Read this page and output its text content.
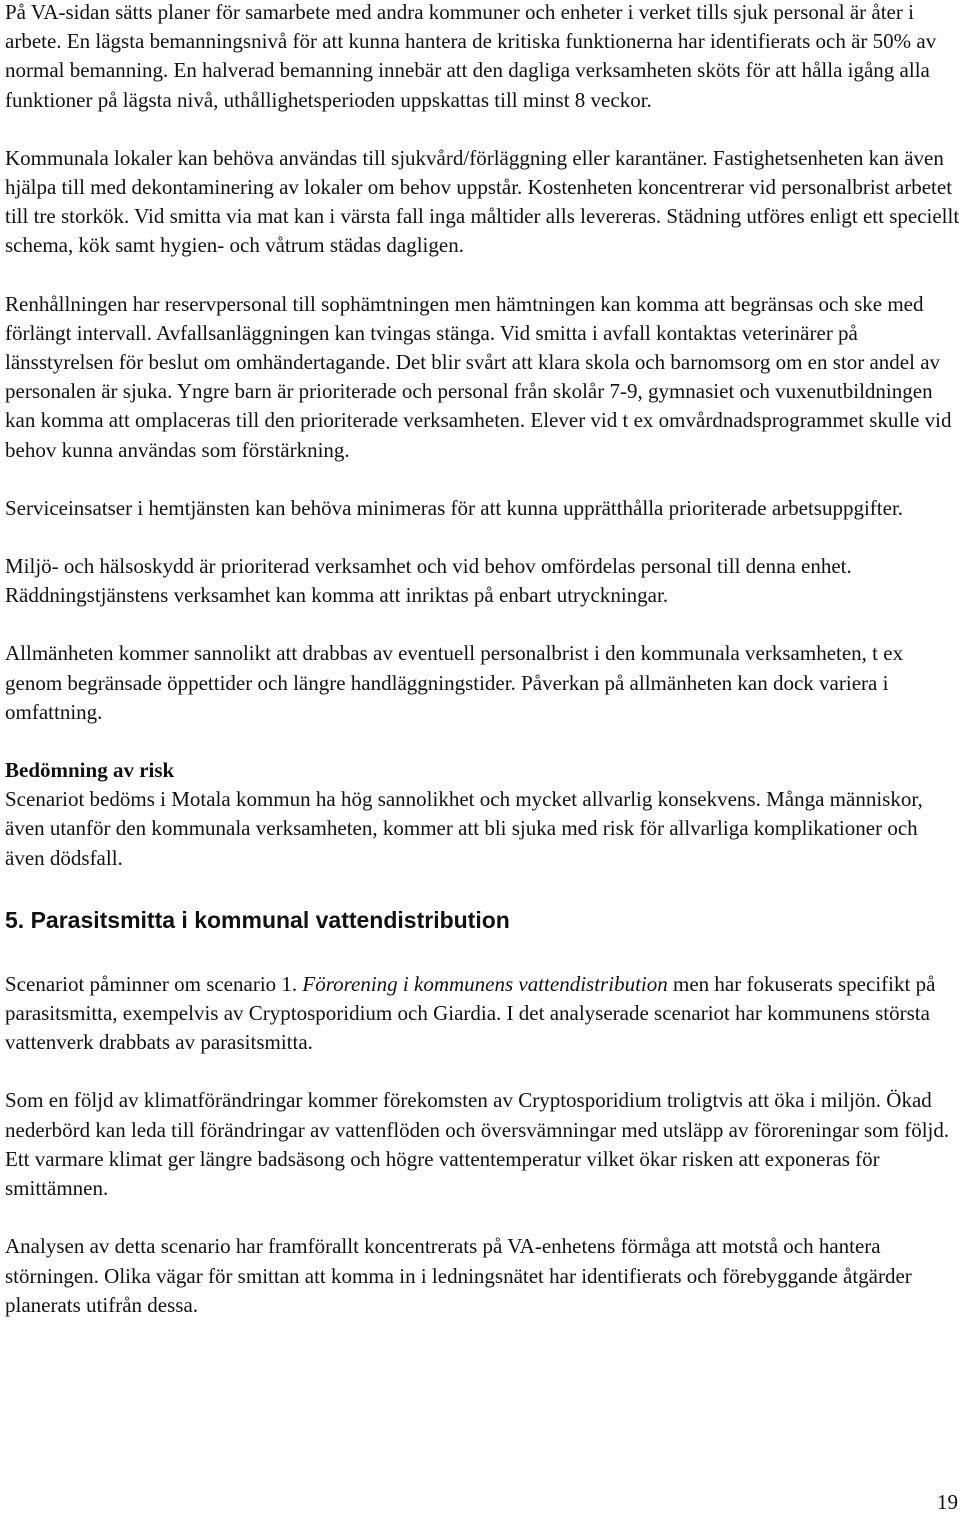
På VA-sidan sätts planer för samarbete med andra kommuner och enheter i verket tills sjuk personal är åter i arbete. En lägsta bemanningsnivå för att kunna hantera de kritiska funktionerna har identifierats och är 50% av normal bemanning. En halverad bemanning innebär att den dagliga verksamheten sköts för att hålla igång alla funktioner på lägsta nivå, uthållighetsperioden uppskattas till minst 8 veckor.

Kommunala lokaler kan behöva användas till sjukvård/förläggning eller karantäner. Fastighetsenheten kan även hjälpa till med dekontaminering av lokaler om behov uppstår. Kostenheten koncentrerar vid personalbrist arbetet till tre storkök. Vid smitta via mat kan i värsta fall inga måltider alls levereras. Städning utföres enligt ett speciellt schema, kök samt hygien- och våtrum städas dagligen.

Renhållningen har reservpersonal till sophämtningen men hämtningen kan komma att begränsas och ske med förlängt intervall. Avfallsanläggningen kan tvingas stänga. Vid smitta i avfall kontaktas veterinärer på länsstyrelsen för beslut om omhändertagande. Det blir svårt att klara skola och barnomsorg om en stor andel av personalen är sjuka. Yngre barn är prioriterade och personal från skolår 7-9, gymnasiet och vuxenutbildningen kan komma att omplaceras till den prioriterade verksamheten. Elever vid t ex omvårdnadsprogrammet skulle vid behov kunna användas som förstärkning.

Serviceinsatser i hemtjänsten kan behöva minimeras för att kunna upprätthålla prioriterade arbetsuppgifter.

Miljö- och hälsoskydd är prioriterad verksamhet och vid behov omfördelas personal till denna enhet. Räddningstjänstens verksamhet kan komma att inriktas på enbart utryckningar.

Allmänheten kommer sannolikt att drabbas av eventuell personalbrist i den kommunala verksamheten, t ex genom begränsade öppettider och längre handläggningstider. Påverkan på allmänheten kan dock variera i omfattning.

Bedömning av risk

Scenariot bedöms i Motala kommun ha hög sannolikhet och mycket allvarlig konsekvens. Många människor, även utanför den kommunala verksamheten, kommer att bli sjuka med risk för allvarliga komplikationer och även dödsfall.

5. Parasitsmitta i kommunal vattendistribution

Scenariot påminner om scenario 1. Förorening i kommunens vattendistribution men har fokuserats specifikt på parasitsmitta, exempelvis av Cryptosporidium och Giardia. I det analyserade scenariot har kommunens största vattenverk drabbats av parasitsmitta.

Som en följd av klimatförändringar kommer förekomsten av Cryptosporidium troligtvis att öka i miljön. Ökad nederbörd kan leda till förändringar av vattenflöden och översvämningar med utsläpp av föroreningar som följd. Ett varmare klimat ger längre badsäsong och högre vattentemperatur vilket ökar risken att exponeras för smittämnen.

Analysen av detta scenario har framförallt koncentrerats på VA-enhetens förmåga att motstå och hantera störningen. Olika vägar för smittan att komma in i ledningsnätet har identifierats och förebyggande åtgärder planerats utifrån dessa.

19
